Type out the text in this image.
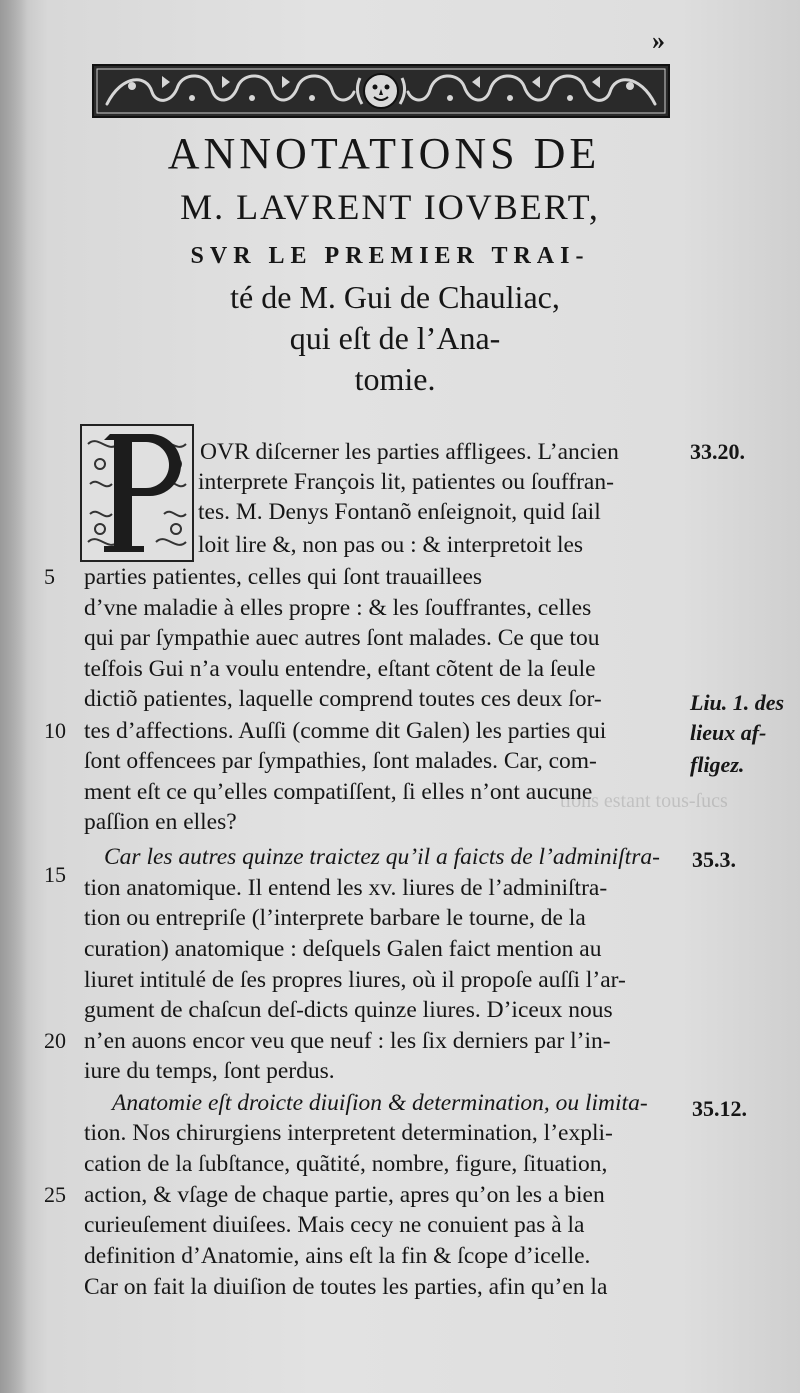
tions estant tous-ſucs
»
ANNOTATIONS DE
M. LAVRENT IOVBERT,
SVR LE PREMIER TRAI-
té de M. Gui de Chauliac,
qui eſt de l’Ana-
tomie.
OVR diſcerner les parties affligees. L’ancien
interprete François lit, patientes ou ſouffran-
tes. M. Denys Fontanõ enſeignoit, quid ſail
loit lire &, non pas ou : & interpretoit les
parties patientes, celles qui ſont trauaillees
d’vne maladie à elles propre : & les ſouffrantes, celles
qui par ſympathie auec autres ſont malades. Ce que tou
teſfois Gui n’a voulu entendre, eſtant cõtent de la ſeule
dictiõ patientes, laquelle comprend toutes ces deux ſor-
tes d’affections. Auſſi (comme dit Galen) les parties qui
ſont offencees par ſympathies, ſont malades. Car, com-
ment eſt ce qu’elles compatiſſent, ſi elles n’ont aucune
paſſion en elles?
Car les autres quinze traictez qu’il a faicts de l’adminiſtra-
tion anatomique. Il entend les xv. liures de l’adminiſtra-
tion ou entrepriſe (l’interprete barbare le tourne, de la
curation) anatomique : deſquels Galen faict mention au
liuret intitulé de ſes propres liures, où il propoſe auſſi l’ar-
gument de chaſcun deſ-dicts quinze liures. D’iceux nous
n’en auons encor veu que neuf : les ſix derniers par l’in-
iure du temps, ſont perdus.
Anatomie eſt droicte diuiſion & determination, ou limita-
tion. Nos chirurgiens interpretent determination, l’expli-
cation de la ſubſtance, quãtité, nombre, figure, ſituation,
action, & vſage de chaque partie, apres qu’on les a bien
curieuſement diuiſees. Mais cecy ne conuient pas à la
definition d’Anatomie, ains eſt la fin & ſcope d’icelle.
Car on fait la diuiſion de toutes les parties, afin qu’en la
5
10
15
20
25
33.20.
Liu. 1. des
lieux af-
fligez.
35.3.
35.12.
